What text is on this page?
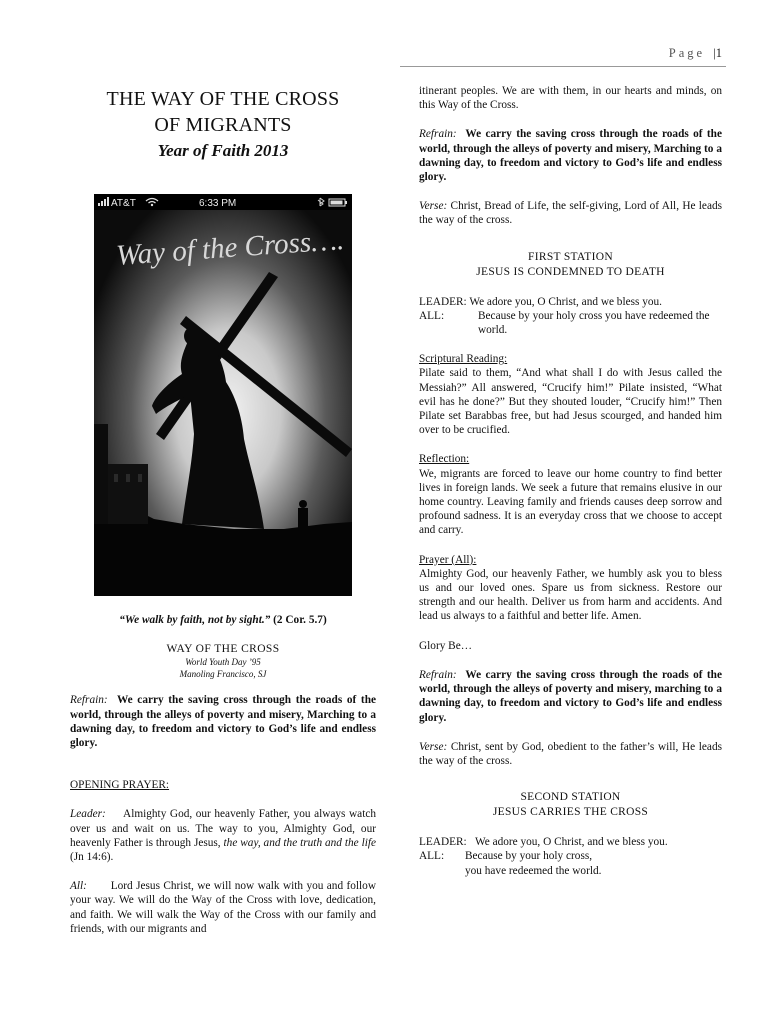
Page |1
THE WAY OF THE CROSS
OF MIGRANTS
Year of Faith 2013
AT&T	6:33 PM
Way of the Cross….
“We walk by faith, not by sight.” (2 Cor. 5.7)
WAY OF THE CROSS
World Youth Day ’95
Manoling Francisco, SJ

Refrain: We carry the saving cross through the roads of the world, through the alleys of poverty and misery, Marching to a dawning day, to freedom and victory to God’s life and endless glory.

OPENING PRAYER:

Leader: Almighty God, our heavenly Father, you always watch over us and wait on us. The way to you, Almighty God, our heavenly Father is through Jesus, the way, and the truth and the life (Jn 14:6).

All: Lord Jesus Christ, we will now walk with you and follow your way. We will do the Way of the Cross with love, dedication, and faith. We will walk the Way of the Cross with our family and friends, with our migrants and

itinerant peoples. We are with them, in our hearts and minds, on this Way of the Cross.

Refrain: We carry the saving cross through the roads of the world, through the alleys of poverty and misery, Marching to a dawning day, to freedom and victory to God’s life and endless glory.

Verse: Christ, Bread of Life, the self-giving, Lord of All, He leads the way of the cross.

FIRST STATION
JESUS IS CONDEMNED TO DEATH

LEADER: We adore you, O Christ, and we bless you.

ALL:	Because by your holy cross you have redeemed the world.

Scriptural Reading:

Pilate said to them, “And what shall I do with Jesus called the Messiah?” All answered, “Crucify him!” Pilate insisted, “What evil has he done?” But they shouted louder, “Crucify him!” Then Pilate set Barabbas free, but had Jesus scourged, and handed him over to be crucified.

Reflection:

We, migrants are forced to leave our home country to find better lives in foreign lands. We seek a future that remains elusive in our home country. Leaving family and friends causes deep sorrow and profound sadness. It is an everyday cross that we choose to accept and carry.

Prayer (All):

Almighty God, our heavenly Father, we humbly ask you to bless us and our loved ones. Spare us from sickness. Restore our strength and our health. Deliver us from harm and accidents. And lead us always to a faithful and better life. Amen.

Glory Be…

Refrain: We carry the saving cross through the roads of the world, through the alleys of poverty and misery, marching to a dawning day, to freedom and victory to God’s life and endless glory.

Verse: Christ, sent by God, obedient to the father’s will, He leads the way of the cross.

SECOND STATION
JESUS CARRIES THE CROSS

LEADER: We adore you, O Christ, and we bless you.

ALL:	Because by your holy cross,

you have redeemed the world.
